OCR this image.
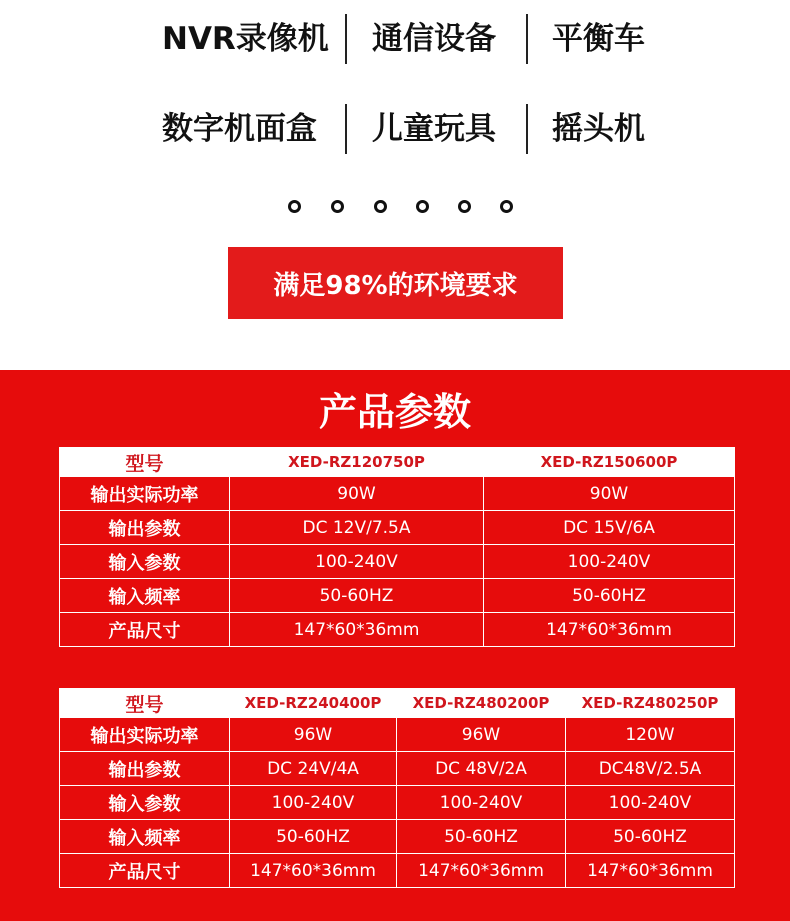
NVR录像机 通信设备 平衡车
数字机面盒 儿童玩具 摇头机
满足98%的环境要求
产品参数
型号	XED-RZ120750P	XED-RZ150600P
输出实际功率	90W	90W
输出参数	DC 12V/7.5A	DC 15V/6A
输入参数	100-240V	100-240V
输入频率	50-60HZ	50-60HZ
产品尺寸	147*60*36mm	147*60*36mm
型号	XED-RZ240400P	XED-RZ480200P	XED-RZ480250P
输出实际功率	96W	96W	120W
输出参数	DC 24V/4A	DC 48V/2A	DC48V/2.5A
输入参数	100-240V	100-240V	100-240V
输入频率	50-60HZ	50-60HZ	50-60HZ
产品尺寸	147*60*36mm	147*60*36mm	147*60*36mm
